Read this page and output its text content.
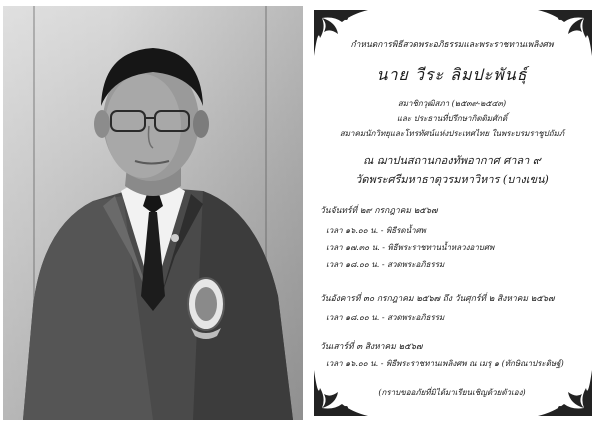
กำหนดการพิธีสวดพระอภิธรรมและพระราชทานเพลิงศพ
นาย วีระ ลิมปะพันธุ์
สมาชิกวุฒิสภา (๒๕๓๙-๒๕๔๓)
และ ประธานที่ปรึกษากิตติมศักดิ์
สมาคมนักวิทยุและโทรทัศน์แห่งประเทศไทย ในพระบรมราชูปถัมภ์
ณ ฌาปนสถานกองทัพอากาศ ศาลา ๙
วัดพระศรีมหาธาตุวรมหาวิหาร (บางเขน)
วันจันทร์ที่ ๒๙ กรกฎาคม ๒๕๖๗
เวลา ๑๖.๐๐ น. - พิธีรดน้ำศพ
เวลา ๑๗.๓๐ น. - พิธีพระราชทานน้ำหลวงอาบศพ
เวลา ๑๘.๐๐ น. - สวดพระอภิธรรม
วันอังคารที่ ๓๐ กรกฎาคม ๒๕๖๗ ถึง วันศุกร์ที่ ๒ สิงหาคม ๒๕๖๗
เวลา ๑๘.๐๐ น. - สวดพระอภิธรรม
วันเสาร์ที่ ๓ สิงหาคม ๒๕๖๗
เวลา ๑๖.๐๐ น. - พิธีพระราชทานเพลิงศพ ณ เมรุ ๑ (ทักษิณาประดิษฐ์)
(กราบขออภัยที่มิได้มาเรียนเชิญด้วยตัวเอง)
